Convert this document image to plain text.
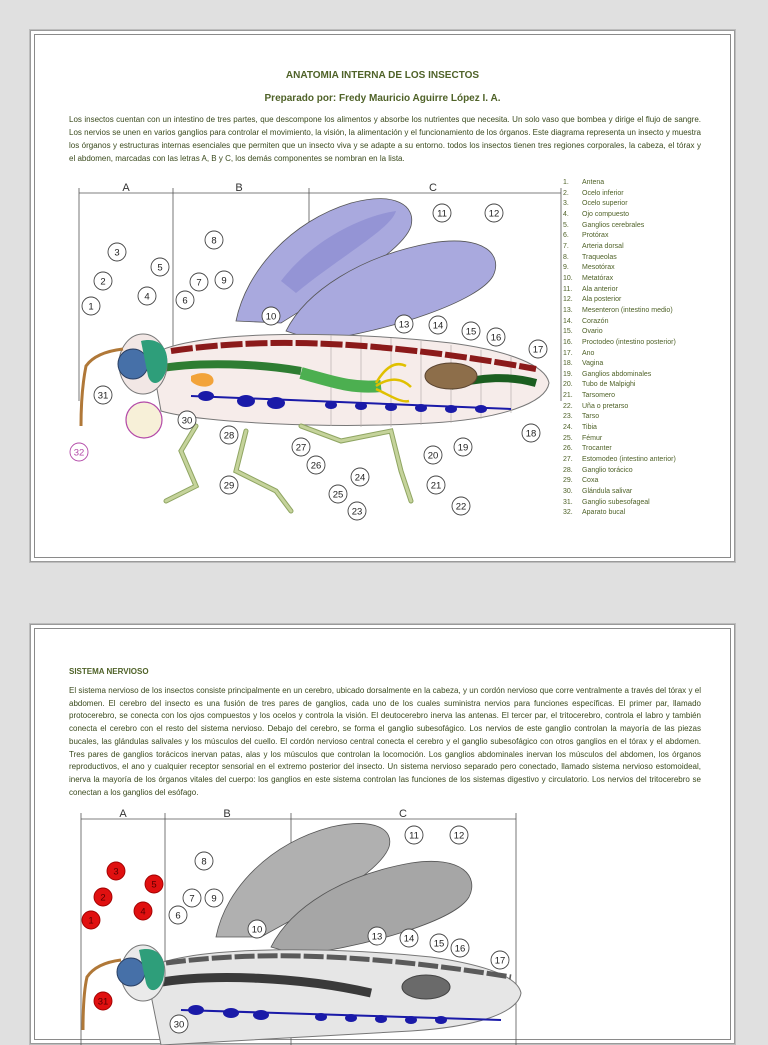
ANATOMIA INTERNA DE LOS INSECTOS
Preparado por: Fredy Mauricio Aguirre López I. A.
Los insectos cuentan con un intestino de tres partes, que descompone los alimentos y absorbe los nutrientes que necesita. Un solo vaso que bombea y dirige el flujo de sangre. Los nervios se unen en varios ganglios para controlar el movimiento, la visión, la alimentación y el funcionamiento de los órganos. Este diagrama representa un insecto y muestra los órganos y estructuras internas esenciales que permiten que un insecto viva y se adapte a su entorno. todos los insectos tienen tres regiones corporales, la cabeza, el tórax y el abdomen, marcadas con las letras A, B y C, los demás componentes se nombran en la lista.
A	B	C
1
2
3
4
5
6
7
8
9
10
11	12
13 14
15
16
17
18
19
20
21
22
23
24
25
26
27
28
29
30
31
32
1. Antena
2. Ocelo inferior
3. Ocelo superior
4. Ojo compuesto
5. Ganglios cerebrales
6. Protórax
7. Arteria dorsal
8. Traqueolas
9. Mesotórax
10. Metatórax
11. Ala anterior
12. Ala posterior
13. Mesenteron (intestino medio)
14. Corazón
15. Ovario
16. Proctodeo (intestino posterior)
17. Ano
18. Vagina
19. Ganglios abdominales
20. Tubo de Malpighi
21. Tarsomero
22. Uña o pretarso
23. Tarso
24. Tibia
25. Fémur
26. Trocanter
27. Estomodeo (intestino anterior)
28. Ganglio torácico
29. Coxa
30. Glándula salivar
31. Ganglio subesofageal
32. Aparato bucal
SISTEMA NERVIOSO
El sistema nervioso de los insectos consiste principalmente en un cerebro, ubicado dorsalmente en la cabeza, y un cordón nervioso que corre ventralmente a través del tórax y el abdomen. El cerebro del insecto es una fusión de tres pares de ganglios, cada uno de los cuales suministra nervios para funciones específicas. El primer par, llamado protocerebro, se conecta con los ojos compuestos y los ocelos y controla la visión. El deutocerebro inerva las antenas. El tercer par, el tritocerebro, controla el labro y también conecta el cerebro con el resto del sistema nervioso. Debajo del cerebro, se forma el ganglio subesofágico. Los nervios de este ganglio controlan la mayoría de las piezas bucales, las glándulas salivales y los músculos del cuello. El cordón nervioso central conecta el cerebro y el ganglio subesofágico con otros ganglios en el tórax y el abdomen. Tres pares de ganglios torácicos inervan patas, alas y los músculos que controlan la locomoción. Los ganglios abdominales inervan los músculos del abdomen, los órganos reproductivos, el ano y cualquier receptor sensorial en el extremo posterior del insecto. Un sistema nervioso separado pero conectado, llamado sistema nervioso estomoideal, inerva la mayoría de los órganos vitales del cuerpo: los ganglios en este sistema controlan las funciones de los sistemas digestivo y circulatorio. Los nervios del tritocerebro se conectan a los ganglios del esófago.
A	B	C
6
7
8
9
10
11	12
13 14 15 16
17
1
2
3
4
5
31
30
